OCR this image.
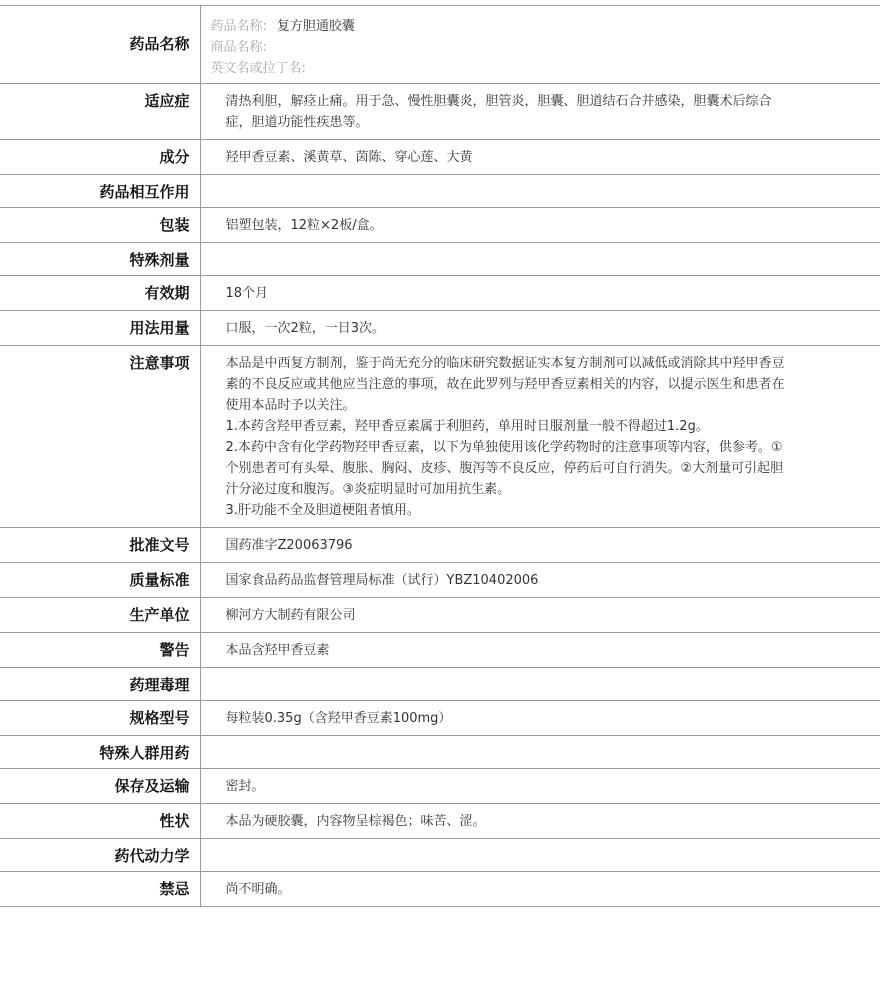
药品名称	药品名称: 复方胆通胶囊
商品名称:
英文名或拉丁名:

适应症	清热利胆，解痉止痛。用于急、慢性胆囊炎，胆管炎，胆囊、胆道结石合并感染，胆囊术后综合症，胆道功能性疾患等。
成分	羟甲香豆素、溪黄草、茵陈、穿心莲、大黄
药品相互作用	
包装	铝塑包装，12粒×2板/盒。
特殊剂量	
有效期	18个月
用法用量	口服，一次2粒，一日3次。
注意事项	本品是中西复方制剂，鉴于尚无充分的临床研究数据证实本复方制剂可以减低或消除其中羟甲香豆素的不良反应或其他应当注意的事项，故在此罗列与羟甲香豆素相关的内容，以提示医生和患者在使用本品时予以关注。
1.本药含羟甲香豆素，羟甲香豆素属于利胆药，单用时日服剂量一般不得超过1.2g。
2.本药中含有化学药物羟甲香豆素，以下为单独使用该化学药物时的注意事项等内容，供参考。①个别患者可有头晕、腹胀、胸闷、皮疹、腹泻等不良反应，停药后可自行消失。②大剂量可引起胆汁分泌过度和腹泻。③炎症明显时可加用抗生素。
3.肝功能不全及胆道梗阻者慎用。

批准文号	国药准字Z20063796
质量标准	国家食品药品监督管理局标准（试行）YBZ10402006
生产单位	柳河方大制药有限公司
警告	本品含羟甲香豆素
药理毒理	
规格型号	每粒装0.35g（含羟甲香豆素100mg）
特殊人群用药	
保存及运输	密封。
性状	本品为硬胶囊，内容物呈棕褐色；味苦、涩。
药代动力学	
禁忌	尚不明确。
